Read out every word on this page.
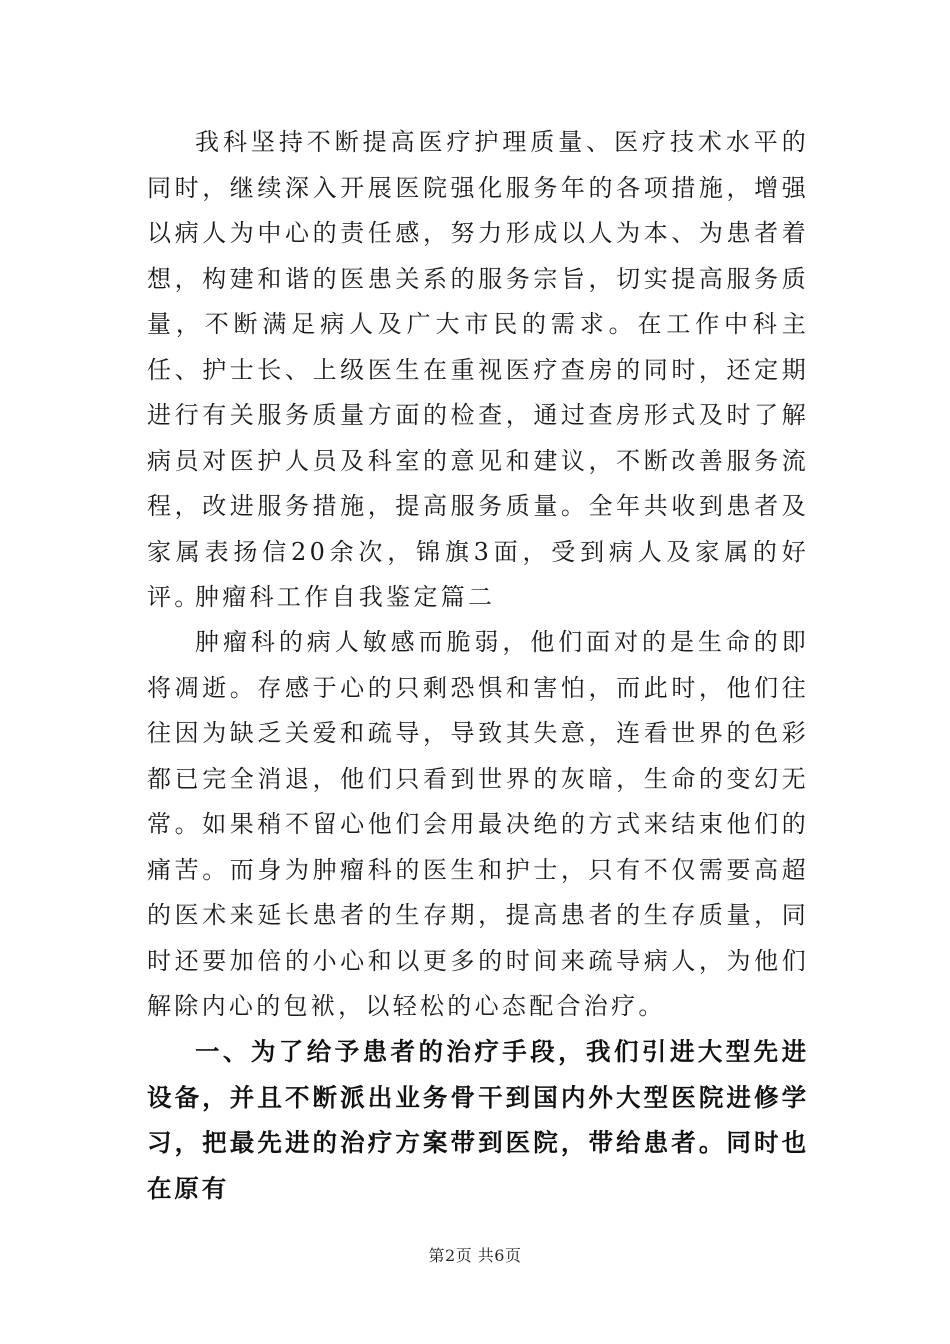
我科坚持不断提高医疗护理质量、医疗技术水平的同时，继续深入开展医院强化服务年的各项措施，增强以病人为中心的责任感，努力形成以人为本、为患者着想，构建和谐的医患关系的服务宗旨，切实提高服务质量，不断满足病人及广大市民的需求。在工作中科主任、护士长、上级医生在重视医疗查房的同时，还定期进行有关服务质量方面的检查，通过查房形式及时了解病员对医护人员及科室的意见和建议，不断改善服务流程，改进服务措施，提高服务质量。全年共收到患者及家属表扬信20余次，锦旗3面，受到病人及家属的好评。

肿瘤科工作自我鉴定篇二

肿瘤科的病人敏感而脆弱，他们面对的是生命的即将凋逝。存感于心的只剩恐惧和害怕，而此时，他们往往因为缺乏关爱和疏导，导致其失意，连看世界的色彩都已完全消退，他们只看到世界的灰暗，生命的变幻无常。如果稍不留心他们会用最决绝的方式来结束他们的痛苦。而身为肿瘤科的医生和护士，只有不仅需要高超的医术来延长患者的生存期，提高患者的生存质量，同时还要加倍的小心和以更多的时间来疏导病人，为他们解除内心的包袱，以轻松的心态配合治疗。

一、为了给予患者的治疗手段，我们引进大型先进设备，并且不断派出业务骨干到国内外大型医院进修学习，把最先进的治疗方案带到医院，带给患者。同时也在原有

第2页 共6页
